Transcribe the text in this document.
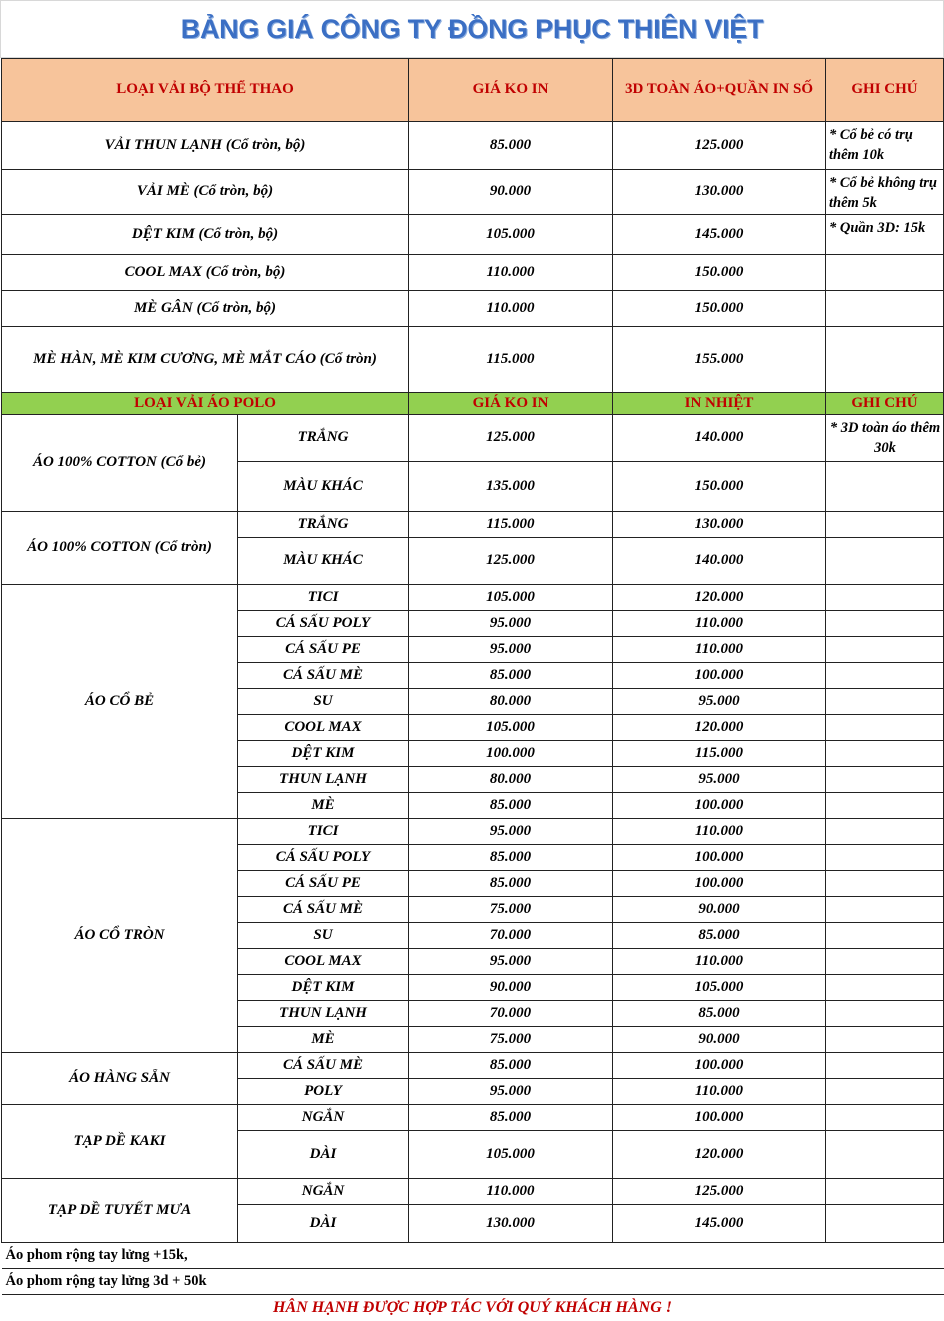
BẢNG GIÁ CÔNG TY ĐỒNG PHỤC THIÊN VIỆT
LOẠI VẢI BỘ THỂ THAO		GIÁ KO IN	3D TOÀN ÁO+QUẦN IN SỐ	GHI CHÚ
VẢI THUN LẠNH (Cổ tròn, bộ)		85.000	125.000	* Cổ bẻ có trụ thêm 10k
VẢI MÈ (Cổ tròn, bộ)		90.000	130.000	* Cổ bẻ không trụ thêm 5k
DỆT KIM (Cổ tròn, bộ)		105.000	145.000	* Quần 3D: 15k
COOL MAX (Cổ tròn, bộ)		110.000	150.000	
MÈ GÂN (Cổ tròn, bộ)		110.000	150.000	
MÈ HÀN, MÈ KIM CƯƠNG, MÈ MẮT CÁO (Cổ tròn)		115.000	155.000	
LOẠI VẢI ÁO POLO		GIÁ KO IN	IN NHIỆT	GHI CHÚ
ÁO 100% COTTON (Cổ bẻ)	TRẮNG	125.000	140.000	* 3D toàn áo thêm 30k
	MÀU KHÁC	135.000	150.000	
ÁO 100% COTTON (Cổ tròn)	TRẮNG	115.000	130.000	
	MÀU KHÁC	125.000	140.000	
ÁO CỔ BẺ	TICI	105.000	120.000	
	CÁ SẤU POLY	95.000	110.000	
	CÁ SẤU PE	95.000	110.000	
	CÁ SẤU MÈ	85.000	100.000	
	SU	80.000	95.000	
	COOL MAX	105.000	120.000	
	DỆT KIM	100.000	115.000	
	THUN LẠNH	80.000	95.000	
	MÈ	85.000	100.000	
ÁO CỔ TRÒN	TICI	95.000	110.000	
	CÁ SẤU POLY	85.000	100.000	
	CÁ SẤU PE	85.000	100.000	
	CÁ SẤU MÈ	75.000	90.000	
	SU	70.000	85.000	
	COOL MAX	95.000	110.000	
	DỆT KIM	90.000	105.000	
	THUN LẠNH	70.000	85.000	
	MÈ	75.000	90.000	
ÁO HÀNG SẴN	CÁ SẤU MÈ	85.000	100.000	
	POLY	95.000	110.000	
TẠP DỀ KAKI	NGẮN	85.000	100.000	
	DÀI	105.000	120.000	
TẠP DỀ TUYẾT MƯA	NGẮN	110.000	125.000	
	DÀI	130.000	145.000	
Áo phom rộng tay lửng +15k,				
Áo phom rộng tay lửng 3d + 50k				
HÂN HẠNH ĐƯỢC HỢP TÁC VỚI QUÝ KHÁCH HÀNG !				
